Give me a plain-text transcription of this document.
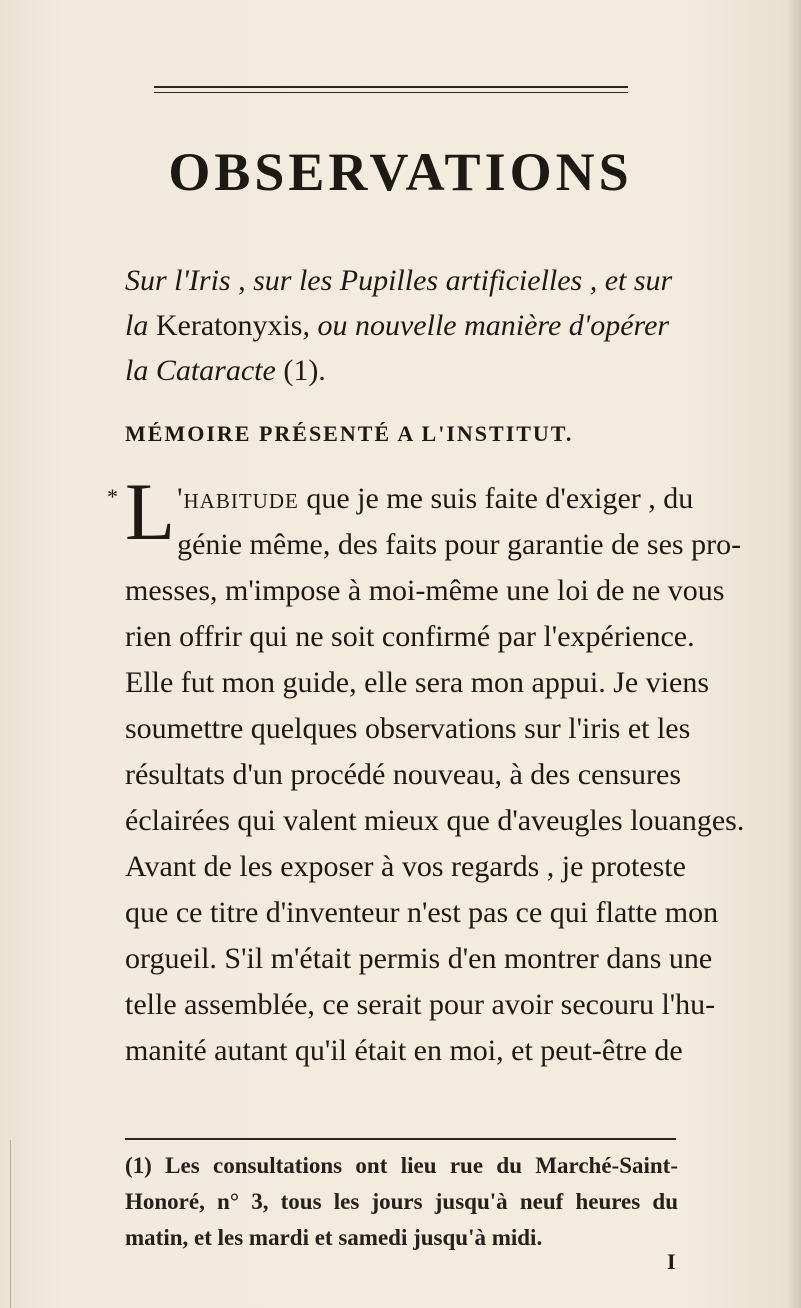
OBSERVATIONS
Sur l'Iris , sur les Pupilles artificielles , et sur
la Keratonyxis, ou nouvelle manière d'opérer
la Cataracte (1).
MÉMOIRE PRÉSENTÉ A L'INSTITUT.
* L 'habitude que je me suis faite d'exiger , du
génie même, des faits pour garantie de ses pro-
messes, m'impose à moi-même une loi de ne vous
rien offrir qui ne soit confirmé par l'expérience.
Elle fut mon guide, elle sera mon appui. Je viens
soumettre quelques observations sur l'iris et les
résultats d'un procédé nouveau, à des censures
éclairées qui valent mieux que d'aveugles louanges.
Avant de les exposer à vos regards , je proteste
que ce titre d'inventeur n'est pas ce qui flatte mon
orgueil. S'il m'était permis d'en montrer dans une
telle assemblée, ce serait pour avoir secouru l'hu-
manité autant qu'il était en moi, et peut-être de
(1) Les consultations ont lieu rue du Marché-Saint-
Honoré, n° 3, tous les jours jusqu'à neuf heures du
matin, et les mardi et samedi jusqu'à midi.
I
